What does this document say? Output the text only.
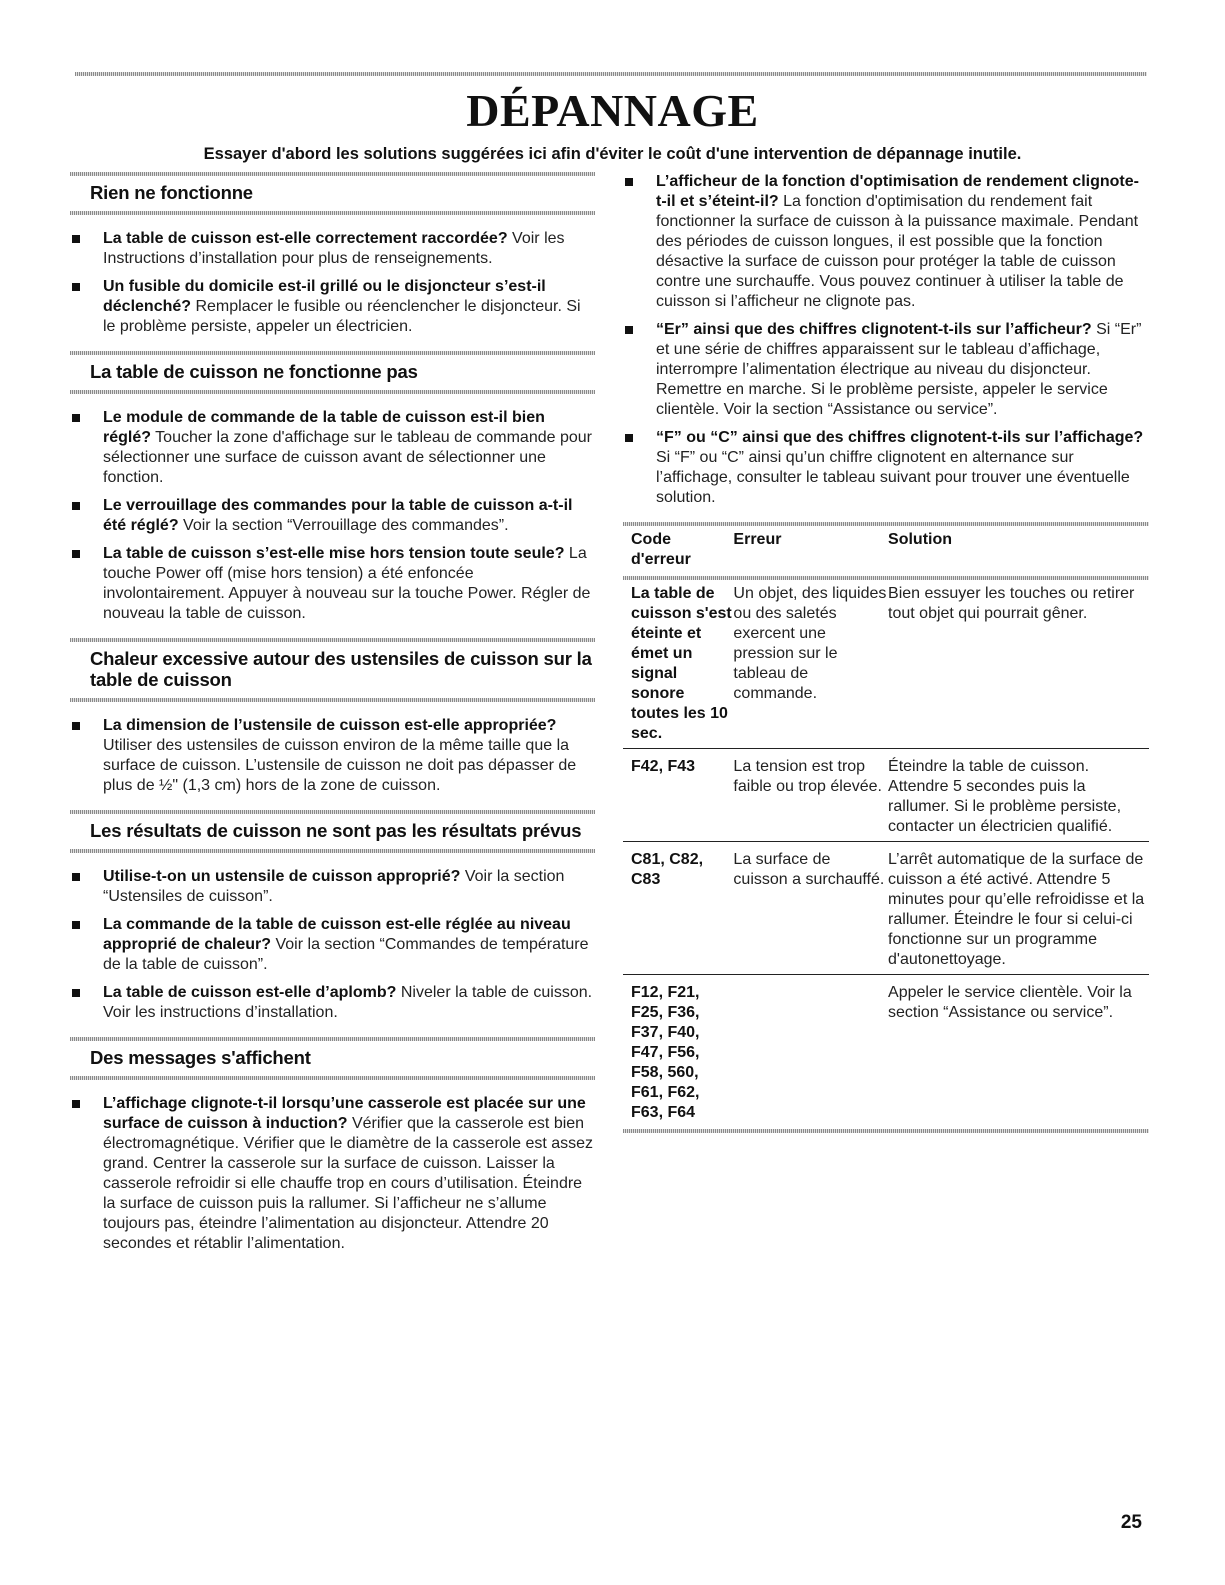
DÉPANNAGE

Essayer d'abord les solutions suggérées ici afin d'éviter le coût d'une intervention de dépannage inutile.

Rien ne fonctionne
La table de cuisson est-elle correctement raccordée? Voir les Instructions d’installation pour plus de renseignements.
Un fusible du domicile est-il grillé ou le disjoncteur s’est-il déclenché? Remplacer le fusible ou réenclencher le disjoncteur. Si le problème persiste, appeler un électricien.
La table de cuisson ne fonctionne pas
Le module de commande de la table de cuisson est-il bien réglé? Toucher la zone d'affichage sur le tableau de commande pour sélectionner une surface de cuisson avant de sélectionner une fonction.
Le verrouillage des commandes pour la table de cuisson a-t-il été réglé? Voir la section “Verrouillage des commandes”.
La table de cuisson s’est-elle mise hors tension toute seule? La touche Power off (mise hors tension) a été enfoncée involontairement. Appuyer à nouveau sur la touche Power. Régler de nouveau la table de cuisson.
Chaleur excessive autour des ustensiles de cuisson sur la table de cuisson
La dimension de l’ustensile de cuisson est-elle appropriée? Utiliser des ustensiles de cuisson environ de la même taille que la surface de cuisson. L’ustensile de cuisson ne doit pas dépasser de plus de ½" (1,3 cm) hors de la zone de cuisson.
Les résultats de cuisson ne sont pas les résultats prévus
Utilise-t-on un ustensile de cuisson approprié? Voir la section “Ustensiles de cuisson”.
La commande de la table de cuisson est-elle réglée au niveau approprié de chaleur? Voir la section “Commandes de température de la table de cuisson”.
La table de cuisson est-elle d’aplomb? Niveler la table de cuisson. Voir les instructions d’installation.
Des messages s'affichent
L’affichage clignote-t-il lorsqu’une casserole est placée sur une surface de cuisson à induction? Vérifier que la casserole est bien électromagnétique. Vérifier que le diamètre de la casserole est assez grand. Centrer la casserole sur la surface de cuisson. Laisser la casserole refroidir si elle chauffe trop en cours d’utilisation. Éteindre la surface de cuisson puis la rallumer. Si l’afficheur ne s’allume toujours pas, éteindre l’alimentation au disjoncteur. Attendre 20 secondes et rétablir l’alimentation.
L’afficheur de la fonction d'optimisation de rendement clignote-t-il et s’éteint-il? La fonction d'optimisation du rendement fait fonctionner la surface de cuisson à la puissance maximale. Pendant des périodes de cuisson longues, il est possible que la fonction désactive la surface de cuisson pour protéger la table de cuisson contre une surchauffe. Vous pouvez continuer à utiliser la table de cuisson si l’afficheur ne clignote pas.
“Er” ainsi que des chiffres clignotent-t-ils sur l’afficheur? Si “Er” et une série de chiffres apparaissent sur le tableau d’affichage, interrompre l’alimentation électrique au niveau du disjoncteur. Remettre en marche. Si le problème persiste, appeler le service clientèle. Voir la section “Assistance ou service”.
“F” ou “C” ainsi que des chiffres clignotent-t-ils sur l’affichage? Si “F” ou “C” ainsi qu’un chiffre clignotent en alternance sur l’affichage, consulter le tableau suivant pour trouver une éventuelle solution.
Code d'erreur
Erreur	Solution
La table de cuisson s'est éteinte et émet un signal sonore toutes les 10 sec.
Un objet, des liquides ou des saletés exercent une pression sur le tableau de commande.
Bien essuyer les touches ou retirer tout objet qui pourrait gêner.
F42, F43	La tension est trop faible ou trop élevée.
Éteindre la table de cuisson. Attendre 5 secondes puis la rallumer. Si le problème persiste, contacter un électricien qualifié.
C81, C82, C83
La surface de cuisson a surchauffé.
L’arrêt automatique de la surface de cuisson a été activé. Attendre 5 minutes pour qu’elle refroidisse et la rallumer. Éteindre le four si celui-ci fonctionne sur un programme d'autonettoyage.
F12, F21, F25, F36, F37, F40, F47, F56, F58, 560, F61, F62, F63, F64
Appeler le service clientèle. Voir la section “Assistance ou service”.
25
